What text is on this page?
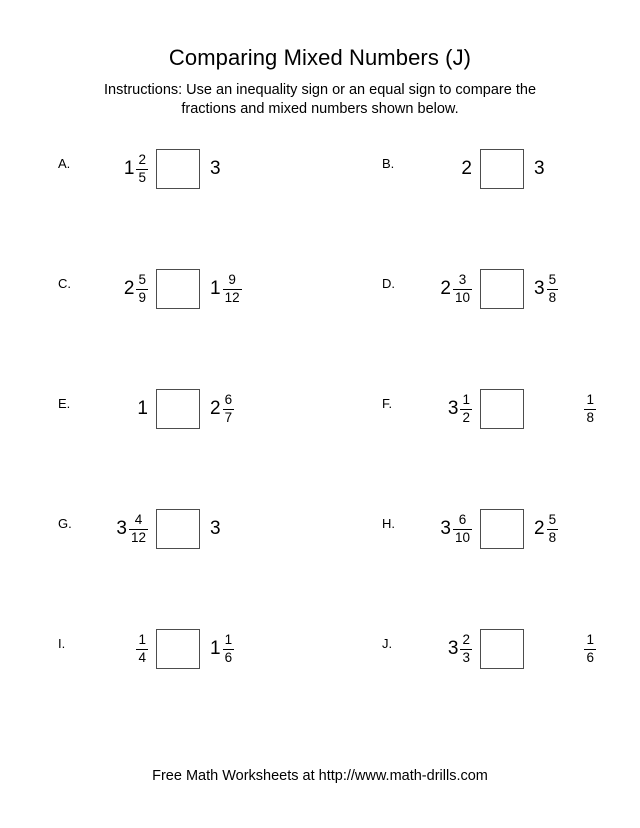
Comparing Mixed Numbers (J)

Instructions: Use an inequality sign or an equal sign to compare the
fractions and mixed numbers shown below.

A.	$1 \frac{2}{5}$	3	B.	2	3
C.	$2 \frac{5}{9}$	$1 \frac{9}{12}$	D.	$2 \frac{3}{10}$	$3 \frac{5}{8}$
E.	1	$2 \frac{6}{7}$	F.	$3 \frac{1}{2}$	$\frac{1}{8}$
G.	$3 \frac{4}{12}$	3	H.	$3 \frac{6}{10}$	$2 \frac{5}{8}$
I.	$\frac{1}{4}$	$1 \frac{1}{6}$	J.	$3 \frac{2}{3}$	$\frac{1}{6}$
Free Math Worksheets at http://www.math-drills.com
